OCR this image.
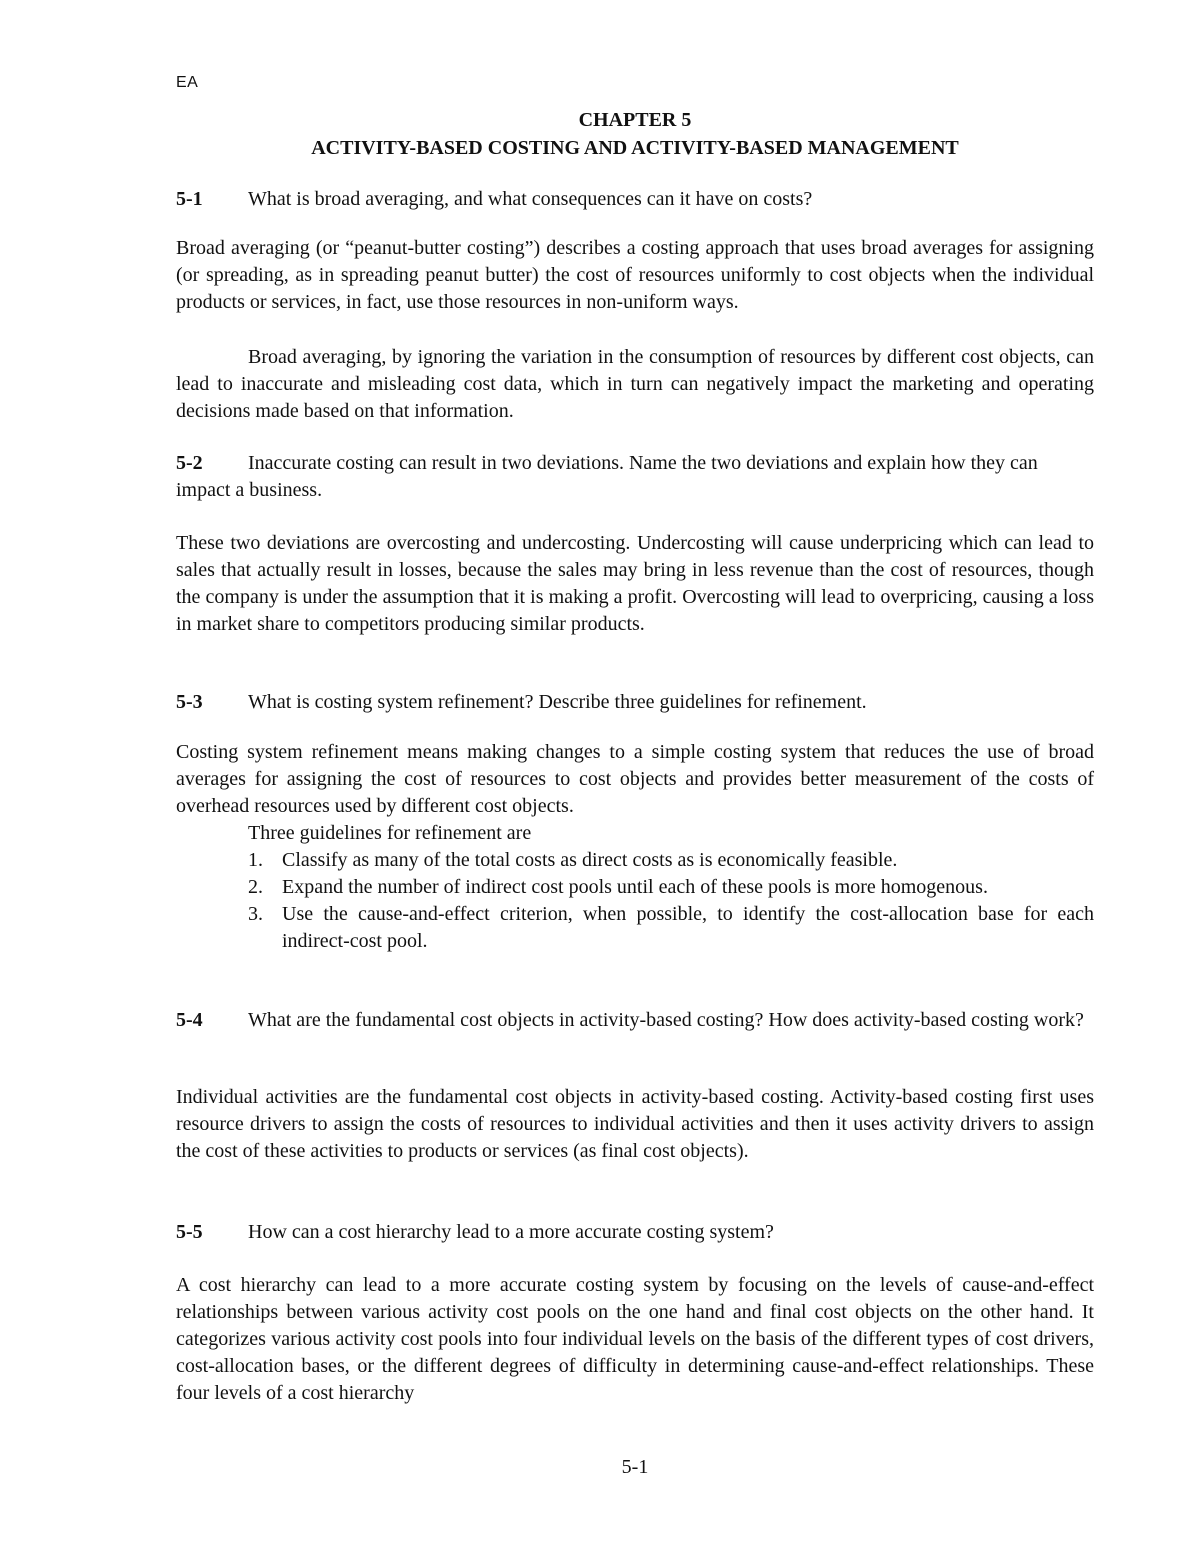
EA
CHAPTER 5
ACTIVITY-BASED COSTING AND ACTIVITY-BASED MANAGEMENT
5-1 What is broad averaging, and what consequences can it have on costs?
Broad averaging (or “peanut-butter costing”) describes a costing approach that uses broad averages for assigning (or spreading, as in spreading peanut butter) the cost of resources uniformly to cost objects when the individual products or services, in fact, use those resources in non-uniform ways.
Broad averaging, by ignoring the variation in the consumption of resources by different cost objects, can lead to inaccurate and misleading cost data, which in turn can negatively impact the marketing and operating decisions made based on that information.
5-2 Inaccurate costing can result in two deviations. Name the two deviations and explain how they can impact a business.
These two deviations are overcosting and undercosting. Undercosting will cause underpricing which can lead to sales that actually result in losses, because the sales may bring in less revenue than the cost of resources, though the company is under the assumption that it is making a profit. Overcosting will lead to overpricing, causing a loss in market share to competitors producing similar products.
5-3 What is costing system refinement? Describe three guidelines for refinement.
Costing system refinement means making changes to a simple costing system that reduces the use of broad averages for assigning the cost of resources to cost objects and provides better measurement of the costs of overhead resources used by different cost objects.
Three guidelines for refinement are
1. Classify as many of the total costs as direct costs as is economically feasible.
2. Expand the number of indirect cost pools until each of these pools is more homogenous.
3. Use the cause-and-effect criterion, when possible, to identify the cost-allocation base for each indirect-cost pool.
5-4 What are the fundamental cost objects in activity-based costing? How does activity-based costing work?
Individual activities are the fundamental cost objects in activity-based costing. Activity-based costing first uses resource drivers to assign the costs of resources to individual activities and then it uses activity drivers to assign the cost of these activities to products or services (as final cost objects).
5-5 How can a cost hierarchy lead to a more accurate costing system?
A cost hierarchy can lead to a more accurate costing system by focusing on the levels of cause-and-effect relationships between various activity cost pools on the one hand and final cost objects on the other hand. It categorizes various activity cost pools into four individual levels on the basis of the different types of cost drivers, cost-allocation bases, or the different degrees of difficulty in determining cause-and-effect relationships. These four levels of a cost hierarchy
5-1
